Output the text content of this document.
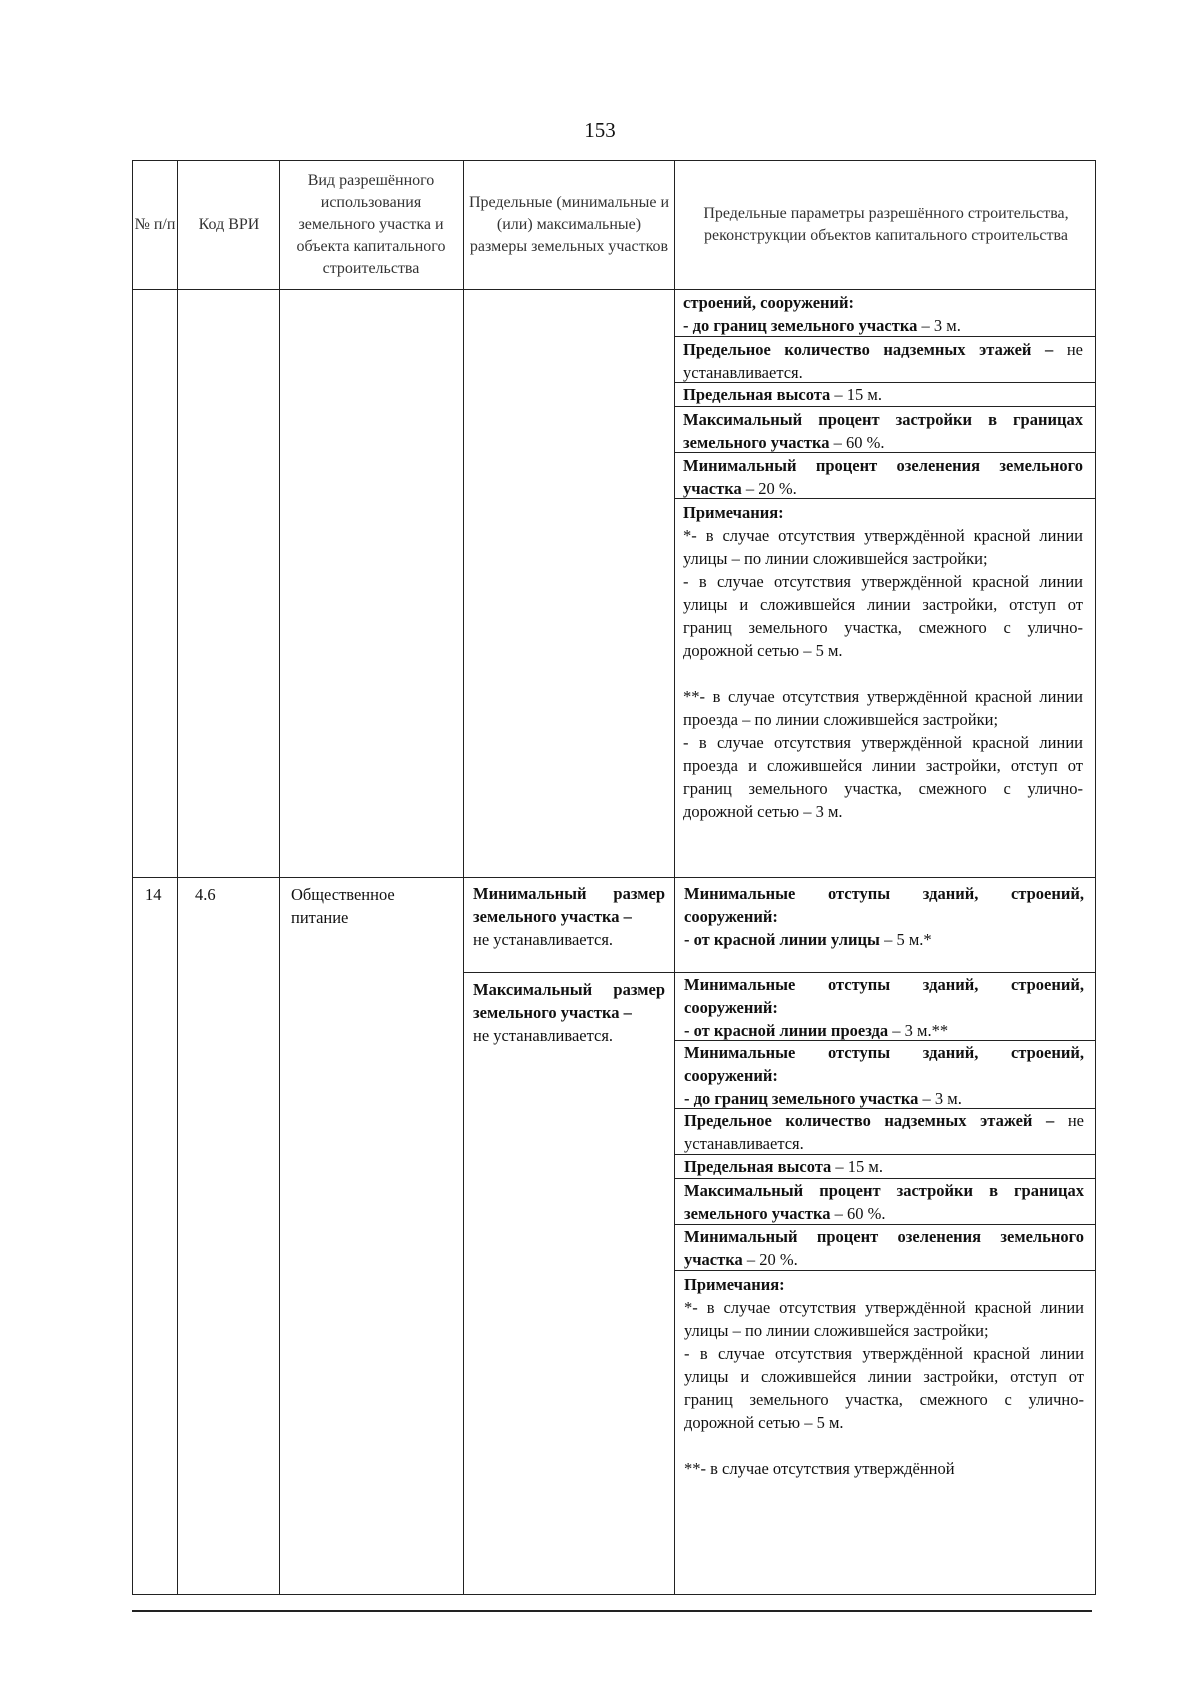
153
№ п/п	Код ВРИ
Вид разрешённого использования земельного участка и объекта капитального строительства
Предельные (минимальные и (или) максимальные) размеры земельных участков
Предельные параметры разрешённого строительства, реконструкции объектов капитального строительства
строений, сооружений:
- до границ земельного участка – 3 м.
Предельное количество надземных этажей – не устанавливается.
Предельная высота – 15 м.
Максимальный процент застройки в границах земельного участка – 60 %.
Минимальный процент озеленения земельного участка – 20 %.
Примечания:
*- в случае отсутствия утверждённой красной линии улицы – по линии сложившейся застройки;
- в случае отсутствия утверждённой красной линии улицы и сложившейся линии застройки, отступ от границ земельного участка, смежного с улично-дорожной сетью – 5 м.
**- в случае отсутствия утверждённой красной линии проезда – по линии сложившейся застройки;
- в случае отсутствия утверждённой красной линии проезда и сложившейся линии застройки, отступ от границ земельного участка, смежного с улично-дорожной сетью – 3 м.
14 4.6	Общественное питание
Минимальный размер земельного участка –
не устанавливается.
Максимальный размер земельного участка –
не устанавливается.
Минимальные отступы зданий, строений, сооружений:
- от красной линии улицы – 5 м.*
Минимальные отступы зданий, строений, сооружений:
- от красной линии проезда – 3 м.**
Минимальные отступы зданий, строений, сооружений:
- до границ земельного участка – 3 м.
Предельное количество надземных этажей – не устанавливается.
Предельная высота – 15 м.
Максимальный процент застройки в границах земельного участка – 60 %.
Минимальный процент озеленения земельного участка – 20 %.
Примечания:
*- в случае отсутствия утверждённой красной линии улицы – по линии сложившейся застройки;
- в случае отсутствия утверждённой красной линии улицы и сложившейся линии застройки, отступ от границ земельного участка, смежного с улично-дорожной сетью – 5 м.
**- в случае отсутствия утверждённой
